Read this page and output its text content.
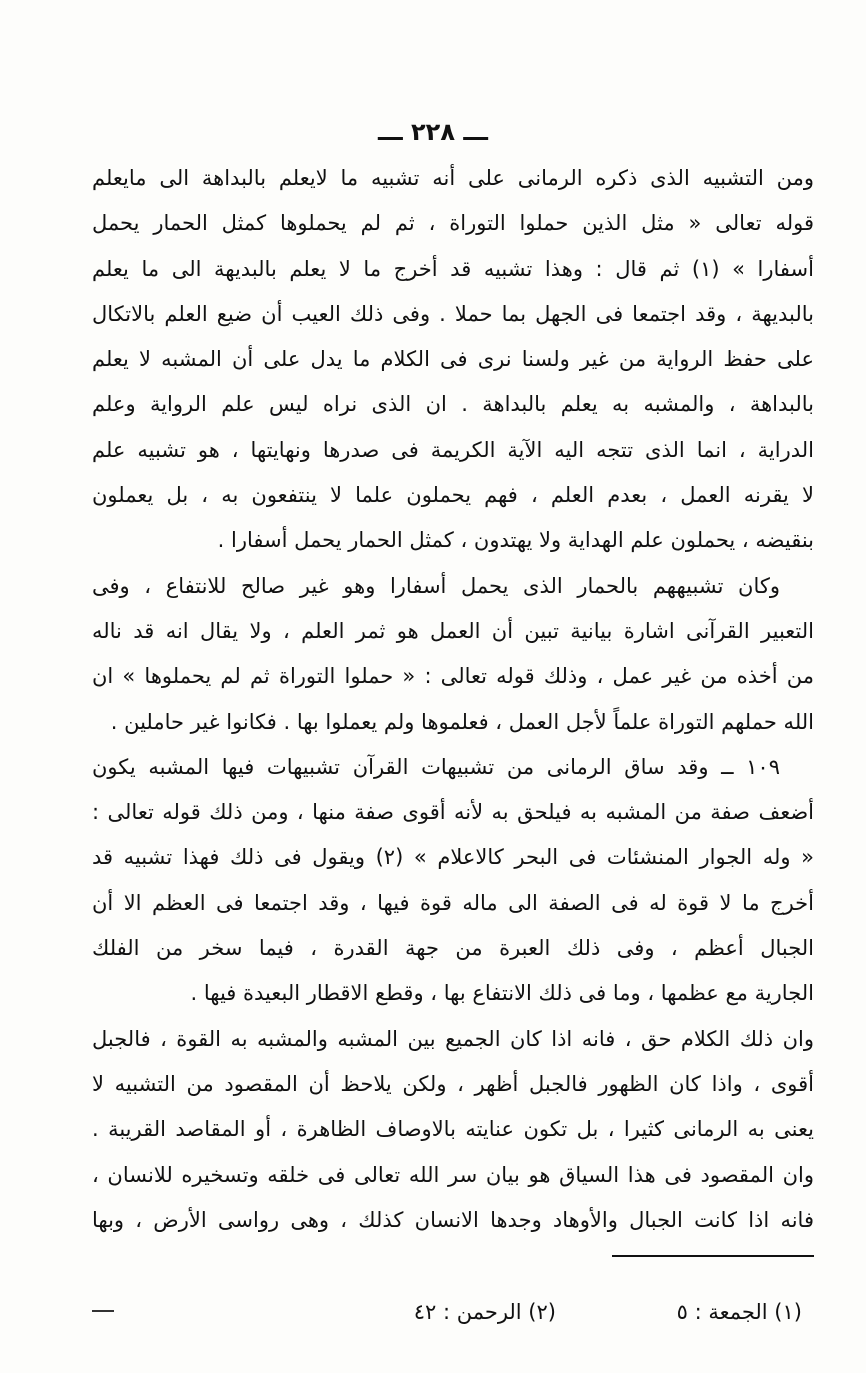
ـــ ٢٢٨ ـــ
ومن التشبيه الذى ذكره الرمانى على أنه تشبيه ما لايعلم بالبداهة الى مايعلم
قوله تعالى « مثل الذين حملوا التوراة ، ثم لم يحملوها كمثل الحمار يحمل
أسفارا » (١) ثم قال : وهذا تشبيه قد أخرج ما لا يعلم بالبديهة الى ما يعلم
بالبديهة ، وقد اجتمعا فى الجهل بما حملا . وفى ذلك العيب أن ضيع العلم بالاتكال
على حفظ الرواية من غير ولسنا نرى فى الكلام ما يدل على أن المشبه لا يعلم
بالبداهة ، والمشبه به يعلم بالبداهة . ان الذى نراه ليس علم الرواية وعلم
الدراية ، انما الذى تتجه اليه الآية الكريمة فى صدرها ونهايتها ، هو تشبيه علم
لا يقرنه العمل ، بعدم العلم ، فهم يحملون علما لا ينتفعون به ، بل يعملون
بنقيضه ، يحملون علم الهداية ولا يهتدون ، كمثل الحمار يحمل أسفارا .
وكان تشبيههم بالحمار الذى يحمل أسفارا وهو غير صالح للانتفاع ، وفى
التعبير القرآنى اشارة بيانية تبين أن العمل هو ثمر العلم ، ولا يقال انه قد ناله
من أخذه من غير عمل ، وذلك قوله تعالى : « حملوا التوراة ثم لم يحملوها » ان
الله حملهم التوراة علماً لأجل العمل ، فعلموها ولم يعملوا بها . فكانوا غير حاملين .
١٠٩ ــ وقد ساق الرمانى من تشبيهات القرآن تشبيهات فيها المشبه يكون
أضعف صفة من المشبه به فيلحق به لأنه أقوى صفة منها ، ومن ذلك قوله تعالى :
« وله الجوار المنشئات فى البحر كالاعلام » (٢) ويقول فى ذلك فهذا تشبيه قد
أخرج ما لا قوة له فى الصفة الى ماله قوة فيها ، وقد اجتمعا فى العظم الا أن
الجبال أعظم ، وفى ذلك العبرة من جهة القدرة ، فيما سخر من الفلك
الجارية مع عظمها ، وما فى ذلك الانتفاع بها ، وقطع الاقطار البعيدة فيها .
وان ذلك الكلام حق ، فانه اذا كان الجميع بين المشبه والمشبه به القوة ، فالجبل
أقوى ، واذا كان الظهور فالجبل أظهر ، ولكن يلاحظ أن المقصود من التشبيه لا
يعنى به الرمانى كثيرا ، بل تكون عنايته بالاوصاف الظاهرة ، أو المقاصد القريبة .
وان المقصود فى هذا السياق هو بيان سر الله تعالى فى خلقه وتسخيره للانسان ،
فانه اذا كانت الجبال والأوهاد وجدها الانسان كذلك ، وهى رواسى الأرض ، وبها
(١) الجمعة : ٥
(٢) الرحمن : ٤٢
